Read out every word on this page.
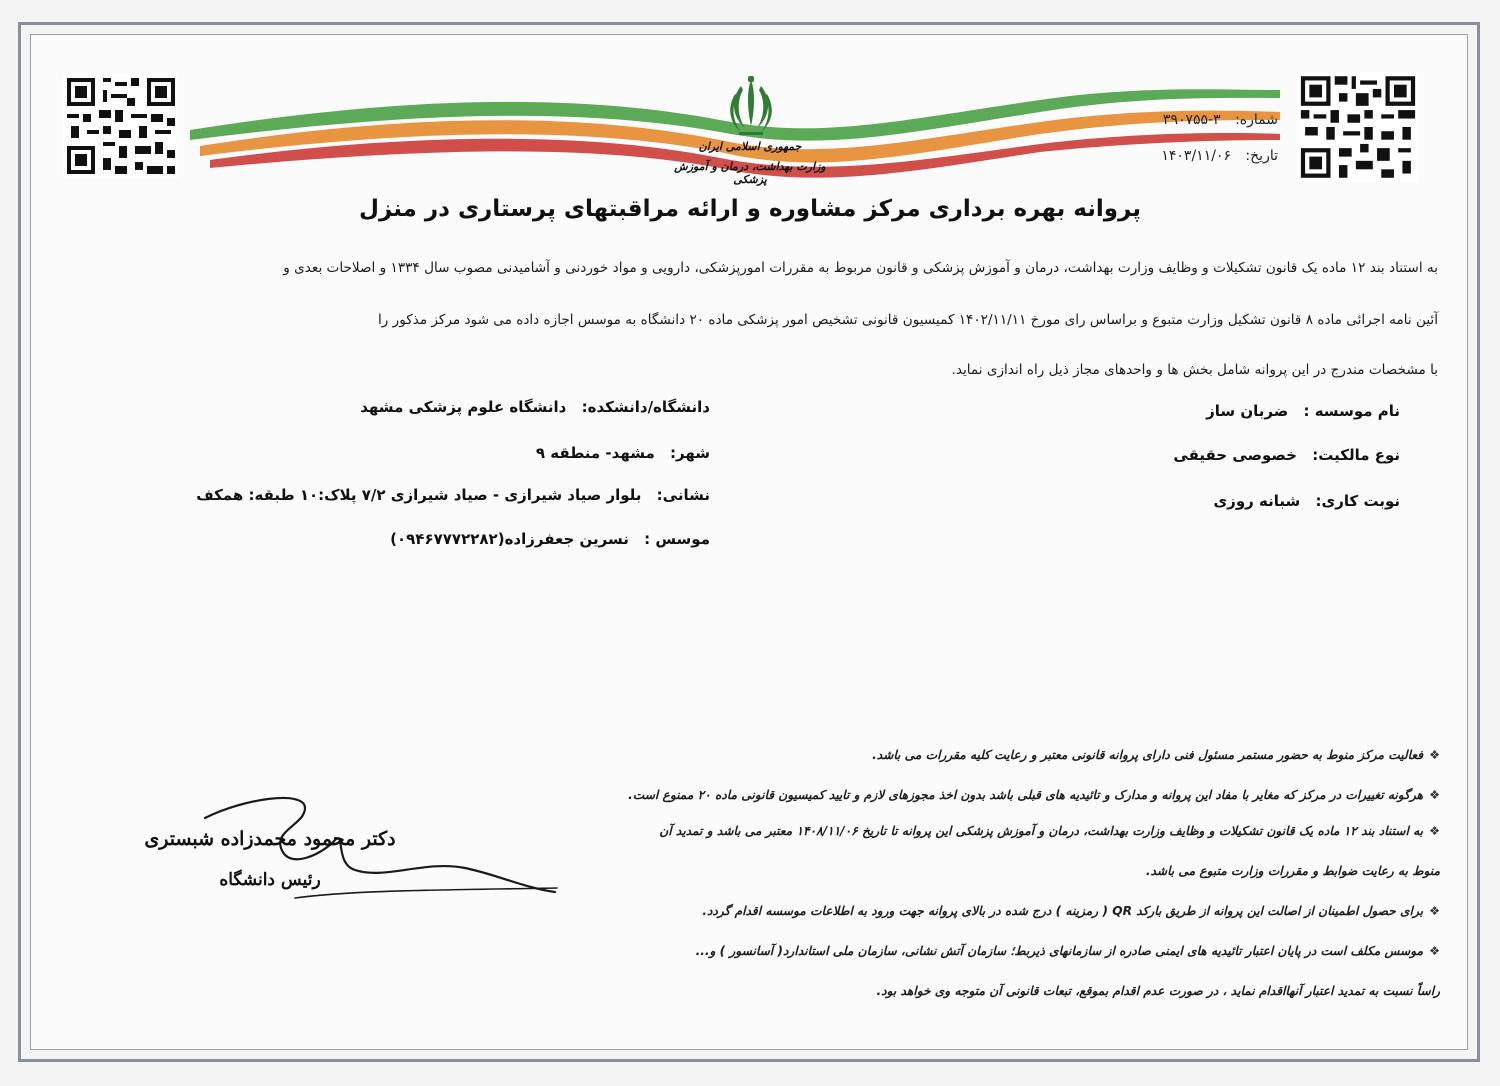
جمهوری اسلامی ایران
وزارت بهداشت، درمان و آموزش پزشکی
شماره: ۳-۳۹۰۷۵۵
تاریخ: ۱۴۰۳/۱۱/۰۶
پروانه بهره برداری مرکز مشاوره و ارائه مراقبتهای پرستاری در منزل
به استناد بند ۱۲ ماده یک قانون تشکیلات و وظایف وزارت بهداشت، درمان و آموزش پزشکی و قانون مربوط به مقررات امورپزشکی، دارویی و مواد خوردنی و آشامیدنی مصوب سال ۱۳۳۴ و اصلاحات بعدی و
آئین نامه اجرائی ماده ۸ قانون تشکیل وزارت متبوع و براساس رای مورخ ۱۴۰۲/۱۱/۱۱ کمیسیون قانونی تشخیص امور پزشکی ماده ۲۰ دانشگاه به موسس اجازه داده می شود مرکز مذکور را
با مشخصات مندرج در این پروانه شامل بخش ها و واحدهای مجاز ذیل راه اندازی نماید.
نام موسسه : ضربان ساز
نوع مالکیت: خصوصی حقیقی
نوبت کاری: شبانه روزی
دانشگاه/دانشکده: دانشگاه علوم پزشکی مشهد
شهر: مشهد- منطقه ۹
نشانی: بلوار صیاد شیرازی - صیاد شیرازی ۷/۲ پلاک:۱۰ طبقه: همکف
موسس : نسرین جعفرزاده(۰۹۴۶۷۷۷۲۲۸۲)
❖فعالیت مرکز منوط به حضور مستمر مسئول فنی دارای پروانه قانونی معتبر و رعایت کلیه مقررات می باشد.
❖هرگونه تغییرات در مرکز که مغایر با مفاد این پروانه و مدارک و تائیدیه های قبلی باشد بدون اخذ مجوزهای لازم و تایید کمیسیون قانونی ماده ۲۰ ممنوع است.
❖به استناد بند ۱۲ ماده یک قانون تشکیلات و وظایف وزارت بهداشت، درمان و آموزش پزشکی این پروانه تا تاریخ ۱۴۰۸/۱۱/۰۶ معتبر می باشد و تمدید آن
منوط به رعایت ضوابط و مقررات وزارت متبوع می باشد.
❖برای حصول اطمینان از اصالت این پروانه از طریق بارکد QR ( رمزینه ) درج شده در بالای پروانه جهت ورود به اطلاعات موسسه اقدام گردد.
❖موسس مکلف است در پایان اعتبار تائیدیه های ایمنی صادره از سازمانهای ذیربط؛ سازمان آتش نشانی، سازمان ملی استاندارد( آسانسور ) و...
راساً نسبت به تمدید اعتبار آنهااقدام نماید ، در صورت عدم اقدام بموقع، تبعات قانونی آن متوجه وی خواهد بود.
دکتر محمود محمدزاده شبستری
رئیس دانشگاه
